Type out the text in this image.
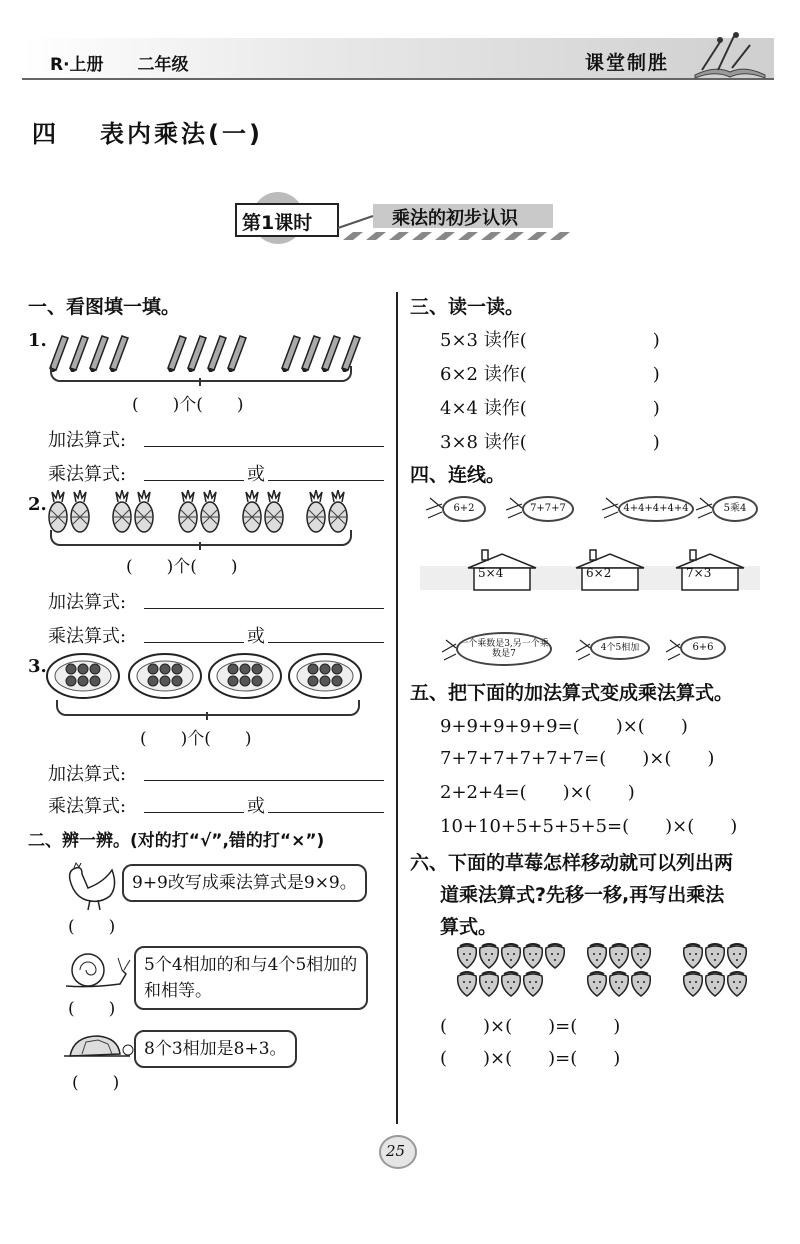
R·上册　　二年级	课堂制胜
四 表内乘法(一)
第1课时	乘法的初步认识
一、看图填一填。
1.
(　　)个(　　)
加法算式:
乘法算式:	或
2.
(　　)个(　　)
加法算式:
乘法算式:	或
3.
(　　)个(　　)
加法算式:
乘法算式:	或
二、辨一辨。(对的打“√”,错的打“×”)
9+9改写成乘法算式是9×9。
(　　)
5个4相加的和与4个5相加的和相等。
(　　)
8个3相加是8+3。
(　　)
三、读一读。
5×3 读作(　　　　　　　)
6×2 读作(　　　　　　　)
4×4 读作(　　　　　　　)
3×8 读作(　　　　　　　)
四、连线。
6+2	7+7+7	4+4+4+4+4	5乘4
5×4	6×2	7×3
一个乘数是3,另一个乘数是7
4个5相加	6+6
五、把下面的加法算式变成乘法算式。
9+9+9+9+9=(　　)×(　　)
7+7+7+7+7+7=(　　)×(　　)
2+2+4=(　　)×(　　)
10+10+5+5+5+5=(　　)×(　　)
六、下面的草莓怎样移动就可以列出两
道乘法算式?先移一移,再写出乘法
算式。
(　　)×(　　)=(　　)
(　　)×(　　)=(　　)
25
